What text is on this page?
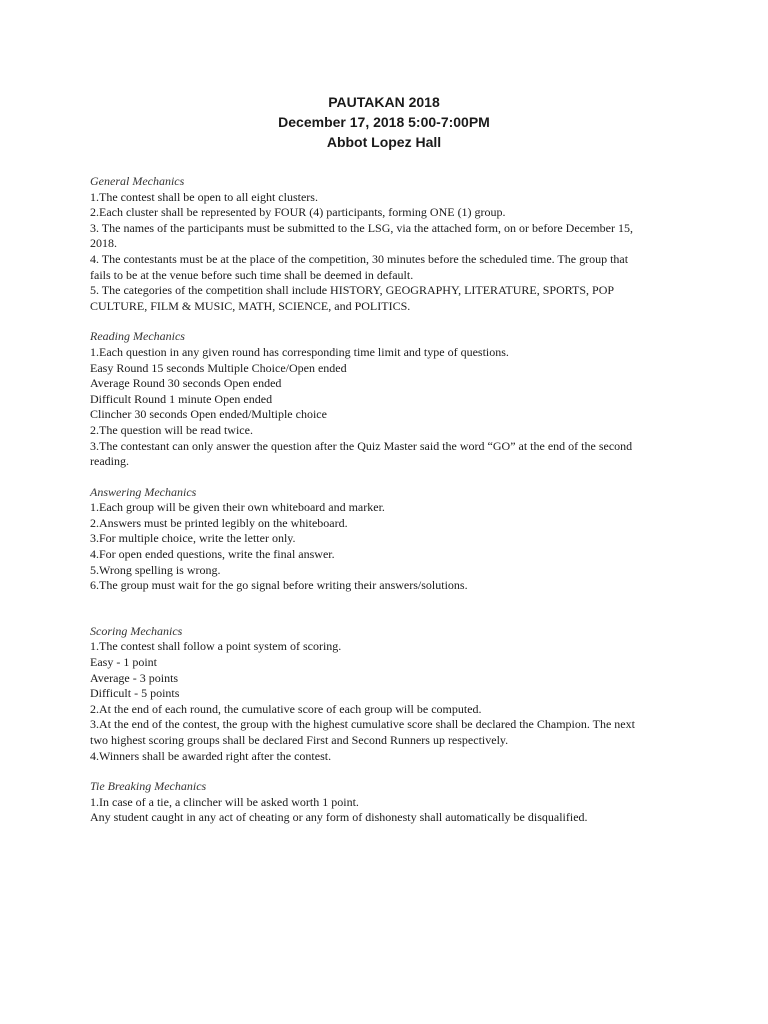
PAUTAKAN 2018
December 17, 2018 5:00-7:00PM
Abbot Lopez Hall
General Mechanics
1.The contest shall be open to all eight clusters.
2.Each cluster shall be represented by FOUR (4) participants, forming ONE (1) group.
3. The names of the participants must be submitted to the LSG, via the attached form, on or before December 15, 2018.
4. The contestants must be at the place of the competition, 30 minutes before the scheduled time. The group that fails to be at the venue before such time shall be deemed in default.
5. The categories of the competition shall include HISTORY, GEOGRAPHY, LITERATURE, SPORTS, POP CULTURE, FILM & MUSIC, MATH, SCIENCE, and POLITICS.
Reading Mechanics
1.Each question in any given round has corresponding time limit and type of questions.
Easy Round 15 seconds Multiple Choice/Open ended
Average Round 30 seconds Open ended
Difficult Round 1 minute Open ended
Clincher 30 seconds Open ended/Multiple choice
2.The question will be read twice.
3.The contestant can only answer the question after the Quiz Master said the word “GO” at the end of the second reading.
Answering Mechanics
1.Each group will be given their own whiteboard and marker.
2.Answers must be printed legibly on the whiteboard.
3.For multiple choice, write the letter only.
4.For open ended questions, write the final answer.
5.Wrong spelling is wrong.
6.The group must wait for the go signal before writing their answers/solutions.
Scoring Mechanics
1.The contest shall follow a point system of scoring.
Easy - 1 point
Average - 3 points
Difficult - 5 points
2.At the end of each round, the cumulative score of each group will be computed.
3.At the end of the contest, the group with the highest cumulative score shall be declared the Champion. The next two highest scoring groups shall be declared First and Second Runners up respectively.
4.Winners shall be awarded right after the contest.
Tie Breaking Mechanics
1.In case of a tie, a clincher will be asked worth 1 point.
Any student caught in any act of cheating or any form of dishonesty shall automatically be disqualified.
